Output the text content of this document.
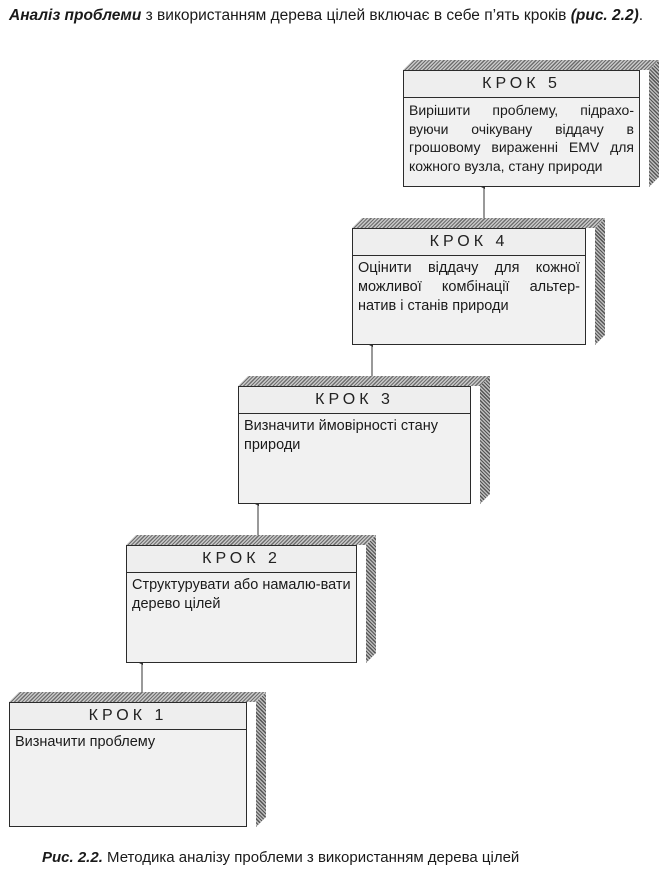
Аналіз проблеми з використанням дерева цілей включає в себе п’ять кроків (рис. 2.2).

КРОК 1
Визначити проблему
КРОК 2
Структурувати або намалю-вати дерево цілей
КРОК 3
Визначити ймовірності стану природи
КРОК 4
Оцінити віддачу для кожної можливої комбінації альтер-натив і станів природи
КРОК 5
Вирішити проблему, підрахо-вуючи очікувану віддачу в грошовому вираженні EMV для кожного вузла, стану природи

Рис. 2.2. Методика аналізу проблеми з використанням дерева цілей
